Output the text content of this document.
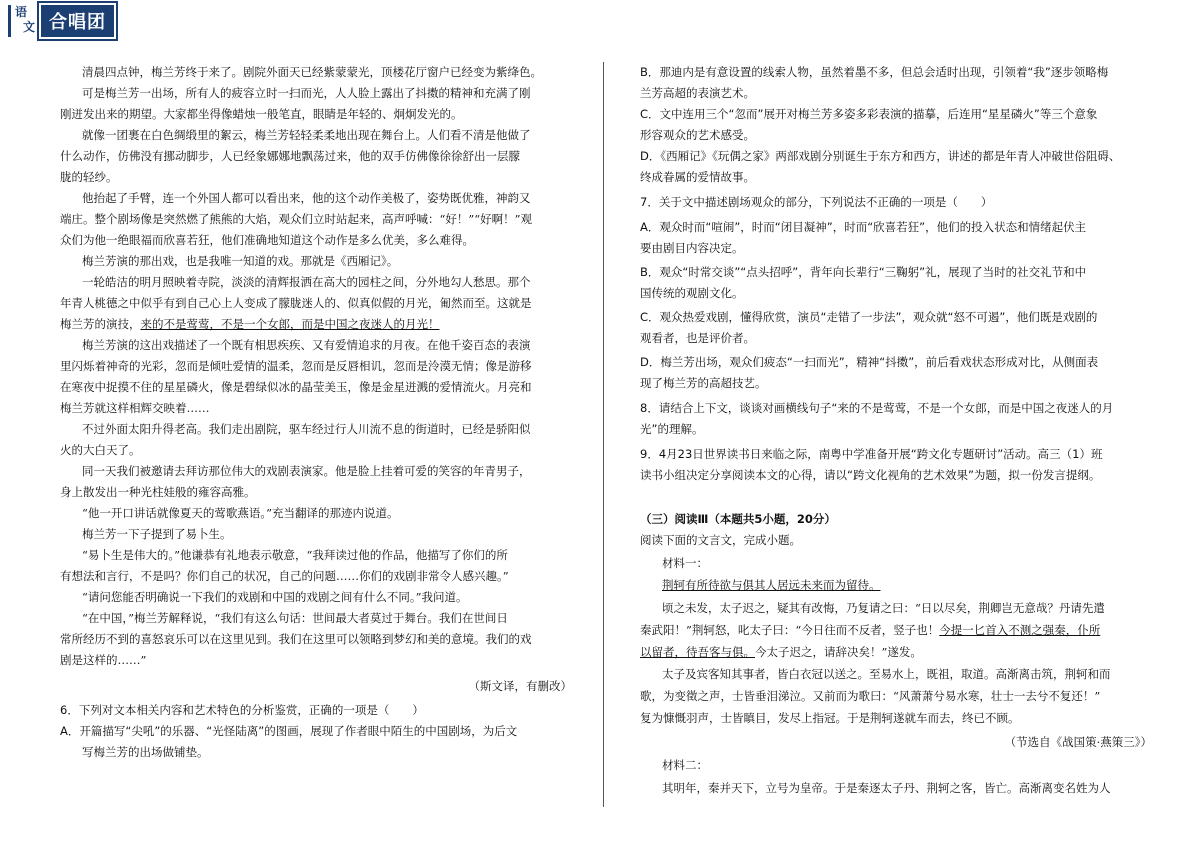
语
文 合唱团
清晨四点钟，梅兰芳终于来了。剧院外面天已经紫蒙蒙光，顶楼花厅窗户已经变为紫绛色。
可是梅兰芳一出场，所有人的疲容立时一扫而光，人人脸上露出了抖擞的精神和充满了刚
刚迸发出来的期望。大家都坐得像蜡烛一般笔直，眼睛是年轻的、炯炯发光的。
就像一团裹在白色绸缎里的絮云，梅兰芳轻轻柔柔地出现在舞台上。人们看不清是他做了
什么动作，仿佛没有挪动脚步，人已经象娜娜地飘荡过来，他的双手仿佛像徐徐舒出一层朦
胧的轻纱。
他抬起了手臂，连一个外国人都可以看出来，他的这个动作美极了，姿势既优雅，神韵又
端庄。整个剧场像是突然燃了熊熊的大焰，观众们立时站起来，高声呼喊：“好！”“好啊！”观
众们为他一绝眼福而欣喜若狂，他们准确地知道这个动作是多么优美，多么难得。
梅兰芳演的那出戏，也是我唯一知道的戏。那就是《西厢记》。
一轮皓洁的明月照映着寺院，淡淡的清辉报洒在高大的园柱之间，分外地勾人愁思。那个
年青人桃德之中似乎有到自己心上人变成了朦胧迷人的、似真似假的月光，匍然而至。这就是
梅兰芳的演技，来的不是莺莺，不是一个女郎，而是中国之夜迷人的月光！
梅兰芳演的这出戏描述了一个既有相思疾疾、又有爱情追求的月夜。在他千姿百态的表演
里闪烁着神奇的光彩，忽而是倾吐爱情的温柔，忽而是反唇相讥，忽而是泠漠无情；像是游移
在寒夜中捉摸不住的星星磷火，像是碧绿似冰的晶莹美玉，像是金星迸溅的爱情流火。月亮和
梅兰芳就这样相辉交映着……
不过外面太阳升得老高。我们走出剧院，驱车经过行人川流不息的街道时，已经是骄阳似
火的大白天了。
同一天我们被邀请去拜访那位伟大的戏剧表演家。他是脸上挂着可爱的笑容的年青男子，
身上散发出一种光柱娃般的雍容高雅。
“他一开口讲话就像夏天的莺歌燕语。”充当翻译的那迹内说道。
梅兰芳一下子提到了易卜生。
“易卜生是伟大的。”他谦恭有礼地表示敬意，“我拜读过他的作品，他描写了你们的所
有想法和言行，不是吗？你们自己的状况，自己的问题……你们的戏剧非常令人感兴趣。”
“请问您能否明确说一下我们的戏剧和中国的戏剧之间有什么不同。”我问道。
“在中国，”梅兰芳解释说，“我们有这么句话：世间最大者莫过于舞台。我们在世间日
常所经历不到的喜怒哀乐可以在这里见到。我们在这里可以领略到梦幻和美的意境。我们的戏
剧是这样的……”
（斯文译，有删改）
6．下列对文本相关内容和艺术特色的分析鉴赏，正确的一项是（　　）
A．开篇描写“尖吼”的乐器、“光怪陆离”的图画，展现了作者眼中陌生的中国剧场，为后文
写梅兰芳的出场做铺垫。
B．那迪内是有意设置的线索人物，虽然着墨不多，但总会适时出现，引领着“我”逐步领略梅
兰芳高超的表演艺术。
C．文中连用三个“忽而”展开对梅兰芳多姿多彩表演的描摹，后连用“星星磷火”等三个意象
形容观众的艺术感受。
D．《西厢记》《玩偶之家》两部戏剧分别诞生于东方和西方，讲述的都是年青人冲破世俗阻碍、
终成眷属的爱情故事。
7．关于文中描述剧场观众的部分，下列说法不正确的一项是（　　）
A．观众时而“喧闹”，时而“闭目凝神”，时而“欣喜若狂”，他们的投入状态和情绪起伏主
要由剧目内容决定。
B．观众“时常交谈”“点头招呼”，背年向长辈行“三鞠躬”礼，展现了当时的社交礼节和中
国传统的观剧文化。
C．观众热爱戏剧，懂得欣赏，演员“走错了一步法”，观众就“怒不可遏”，他们既是戏剧的
观看者，也是评价者。
D．梅兰芳出场，观众们疲态“一扫而光”，精神“抖擞”，前后看戏状态形成对比，从侧面表
现了梅兰芳的高超技艺。
8．请结合上下文，谈谈对画横线句子“来的不是莺莺，不是一个女郎，而是中国之夜迷人的月
光”的理解。
9．4月23日世界读书日来临之际，南粤中学准备开展“跨文化专题研讨”活动。高三（1）班
读书小组决定分享阅读本文的心得，请以“跨文化视角的艺术效果”为题，拟一份发言提纲。
（三）阅读Ⅲ（本题共5小题，20分）
阅读下面的文言文，完成小题。
材料一：
荆轲有所待欲与俱其人居远未来而为留待。
顷之未发，太子迟之，疑其有改悔，乃复请之曰：“日以尽矣，荆卿岂无意哉？丹请先遣
秦武阳！”荆轲怒，叱太子曰：“今日往而不反者，竖子也！今提一匕首入不测之强秦，仆所
以留者，待吾客与俱。今太子迟之，请辞决矣！”遂发。
太子及宾客知其事者，皆白衣冠以送之。至易水上，既祖，取道。高渐离击筑，荆轲和而
歌，为变徵之声，士皆垂泪涕泣。又前而为歌曰：“风萧萧兮易水寒，壮士一去兮不复还！”
复为慷慨羽声，士皆瞋目，发尽上指冠。于是荆轲遂就车而去，终已不顾。
（节选自《战国策·燕策三》）
材料二：
其明年，秦并天下，立号为皇帝。于是秦逐太子丹、荆轲之客，皆亡。高渐离变名姓为人
